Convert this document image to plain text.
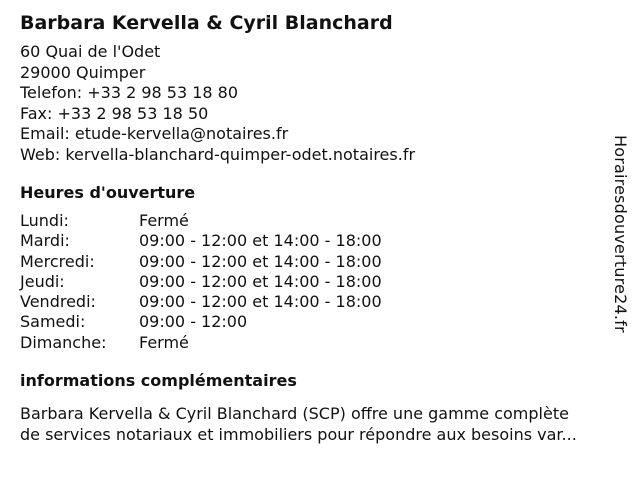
Barbara Kervella & Cyril Blanchard
60 Quai de l'Odet
29000 Quimper
Telefon: +33 2 98 53 18 80
Fax: +33 2 98 53 18 50
Email: etude-kervella@notaires.fr
Web: kervella-blanchard-quimper-odet.notaires.fr
Heures d'ouverture
Lundi:	Fermé
Mardi:	09:00 - 12:00 et 14:00 - 18:00
Mercredi:	09:00 - 12:00 et 14:00 - 18:00
Jeudi:	09:00 - 12:00 et 14:00 - 18:00
Vendredi:	09:00 - 12:00 et 14:00 - 18:00
Samedi:	09:00 - 12:00
Dimanche:	Fermé
informations complémentaires
Barbara Kervella & Cyril Blanchard (SCP) offre une gamme complète
de services notariaux et immobiliers pour répondre aux besoins var...
Horairesdouverture24.fr
